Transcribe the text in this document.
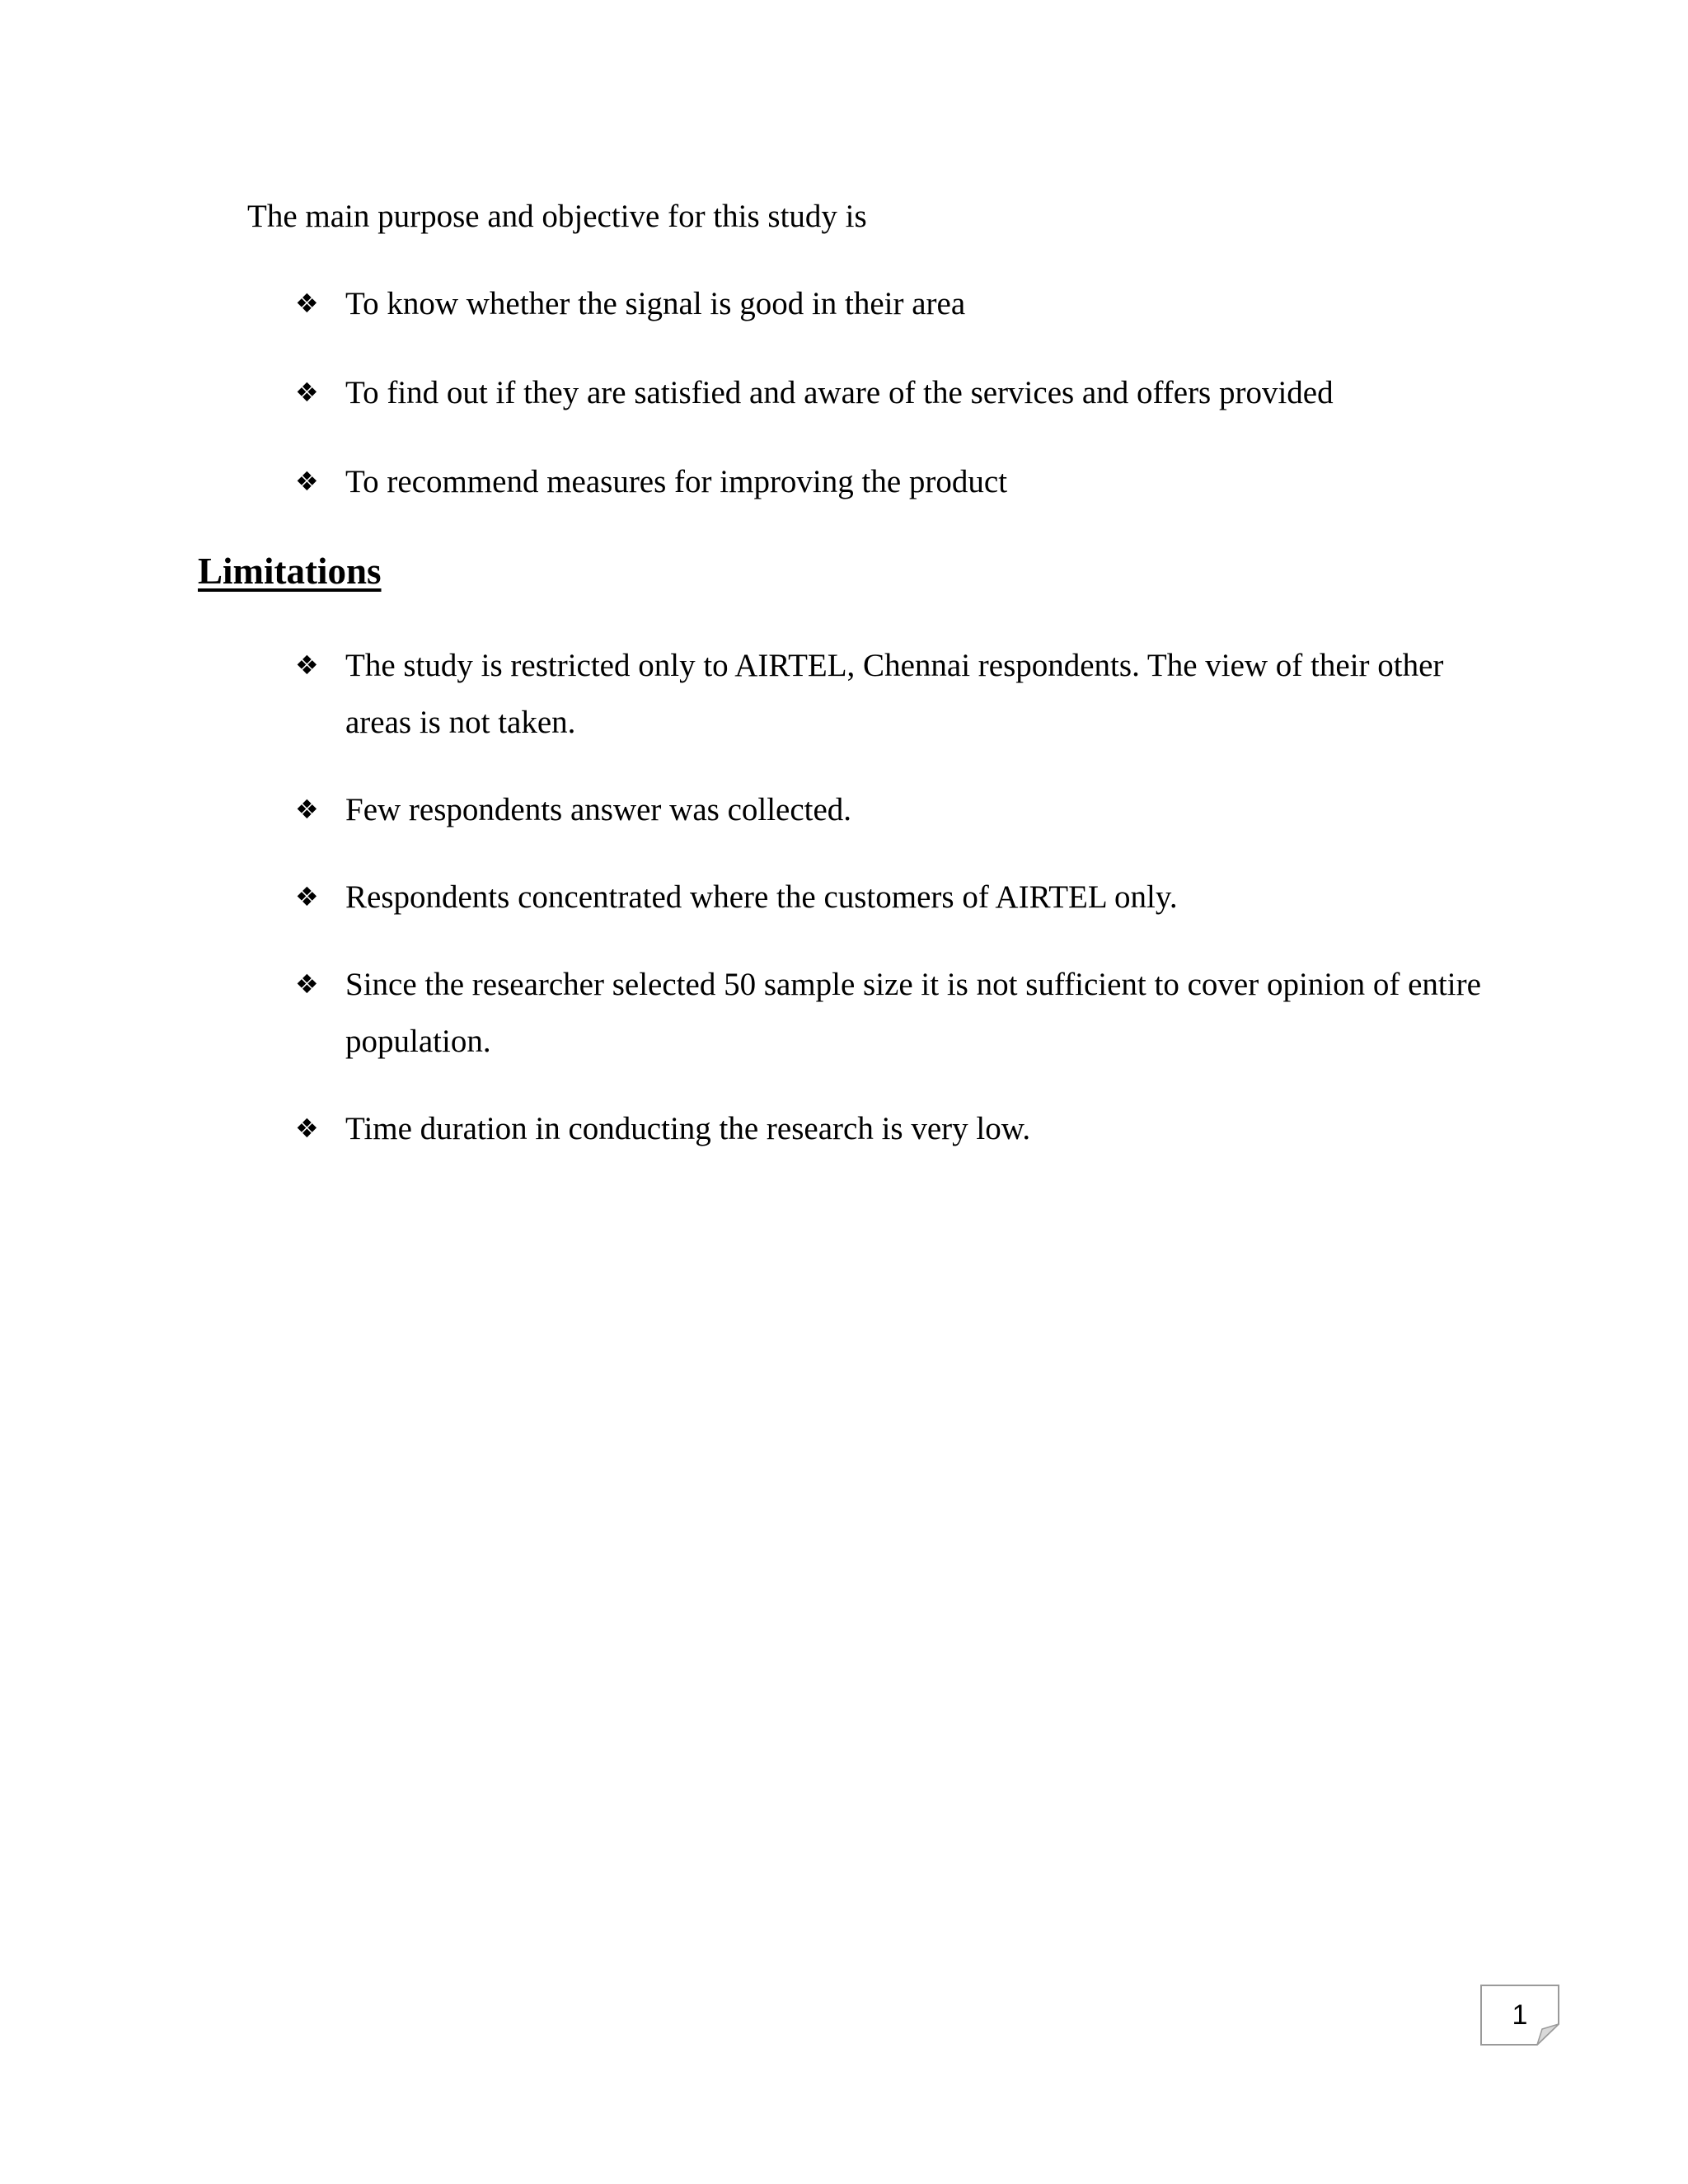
The main purpose and objective for this study is

❖ To know whether the signal is good in their area
❖ To find out if they are satisfied and aware of the services and offers provided
❖ To recommend measures for improving the product
Limitations
❖ The study is restricted only to AIRTEL, Chennai respondents. The view of their other areas is not taken.
❖ Few respondents answer was collected.
❖ Respondents concentrated where the customers of AIRTEL only.
❖ Since the researcher selected 50 sample size it is not sufficient to cover opinion of entire population.
❖ Time duration in conducting the research is very low.
1
